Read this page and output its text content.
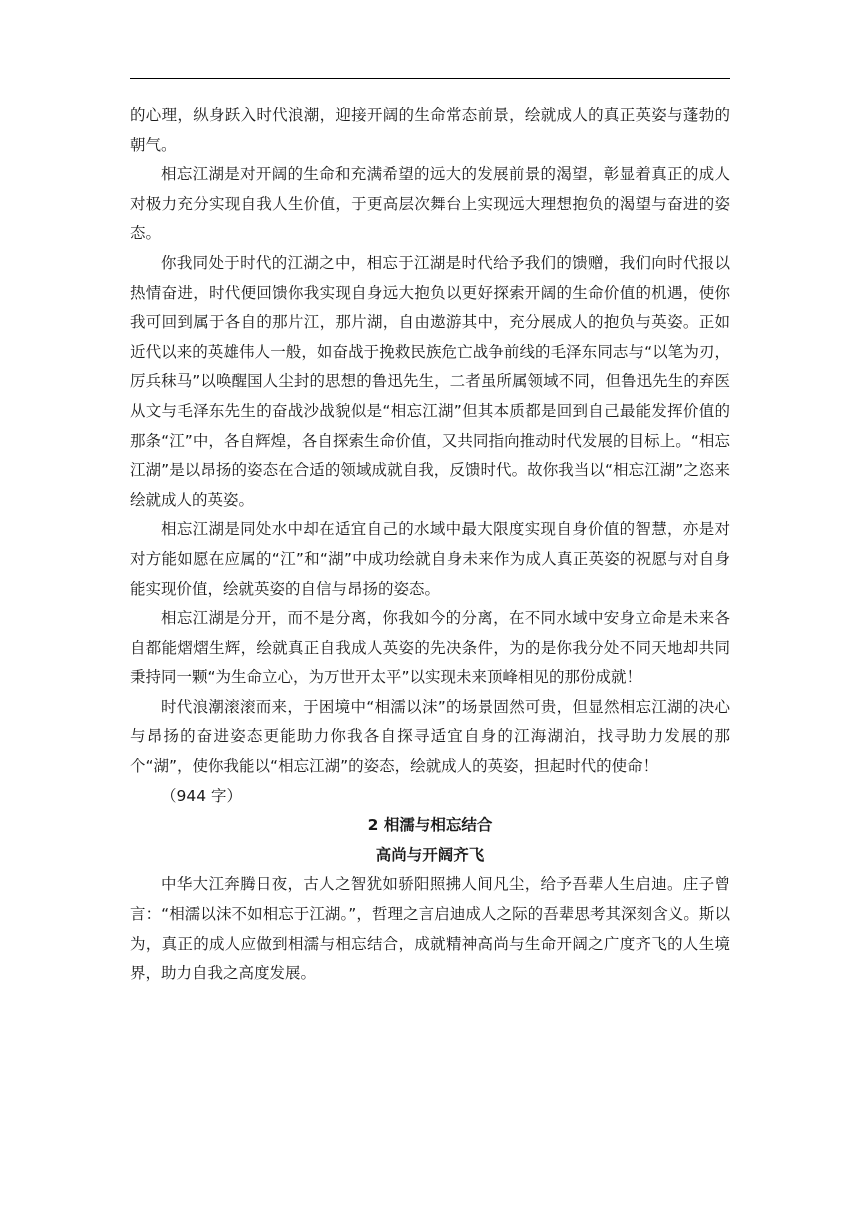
的心理，纵身跃入时代浪潮，迎接开阔的生命常态前景，绘就成人的真正英姿与蓬勃的朝气。

相忘江湖是对开阔的生命和充满希望的远大的发展前景的渴望，彰显着真正的成人对极力充分实现自我人生价值，于更高层次舞台上实现远大理想抱负的渴望与奋进的姿态。

你我同处于时代的江湖之中，相忘于江湖是时代给予我们的馈赠，我们向时代报以热情奋进，时代便回馈你我实现自身远大抱负以更好探索开阔的生命价值的机遇，使你我可回到属于各自的那片江，那片湖，自由遨游其中，充分展成人的抱负与英姿。正如近代以来的英雄伟人一般，如奋战于挽救民族危亡战争前线的毛泽东同志与“以笔为刃，厉兵秣马”以唤醒国人尘封的思想的鲁迅先生，二者虽所属领域不同，但鲁迅先生的弃医从文与毛泽东先生的奋战沙战貌似是“相忘江湖”但其本质都是回到自己最能发挥价值的那条“江”中，各自辉煌，各自探索生命价值，又共同指向推动时代发展的目标上。“相忘江湖”是以昂扬的姿态在合适的领域成就自我，反馈时代。故你我当以“相忘江湖”之恣来绘就成人的英姿。

相忘江湖是同处水中却在适宜自己的水域中最大限度实现自身价值的智慧，亦是对对方能如愿在应属的“江”和“湖”中成功绘就自身未来作为成人真正英姿的祝愿与对自身能实现价值，绘就英姿的自信与昂扬的姿态。

相忘江湖是分开，而不是分离，你我如今的分离，在不同水域中安身立命是未来各自都能熠熠生辉，绘就真正自我成人英姿的先决条件，为的是你我分处不同天地却共同秉持同一颗“为生命立心，为万世开太平”以实现未来顶峰相见的那份成就！

时代浪潮滚滚而来，于困境中“相濡以沫”的场景固然可贵，但显然相忘江湖的决心与昂扬的奋进姿态更能助力你我各自探寻适宜自身的江海湖泊，找寻助力发展的那个“湖”，使你我能以“相忘江湖”的姿态，绘就成人的英姿，担起时代的使命！

（944 字）

2 相濡与相忘结合

高尚与开阔齐飞

中华大江奔腾日夜，古人之智犹如骄阳照拂人间凡尘，给予吾辈人生启迪。庄子曾言：“相濡以沫不如相忘于江湖。”，哲理之言启迪成人之际的吾辈思考其深刻含义。斯以为，真正的成人应做到相濡与相忘结合，成就精神高尚与生命开阔之广度齐飞的人生境界，助力自我之高度发展。
